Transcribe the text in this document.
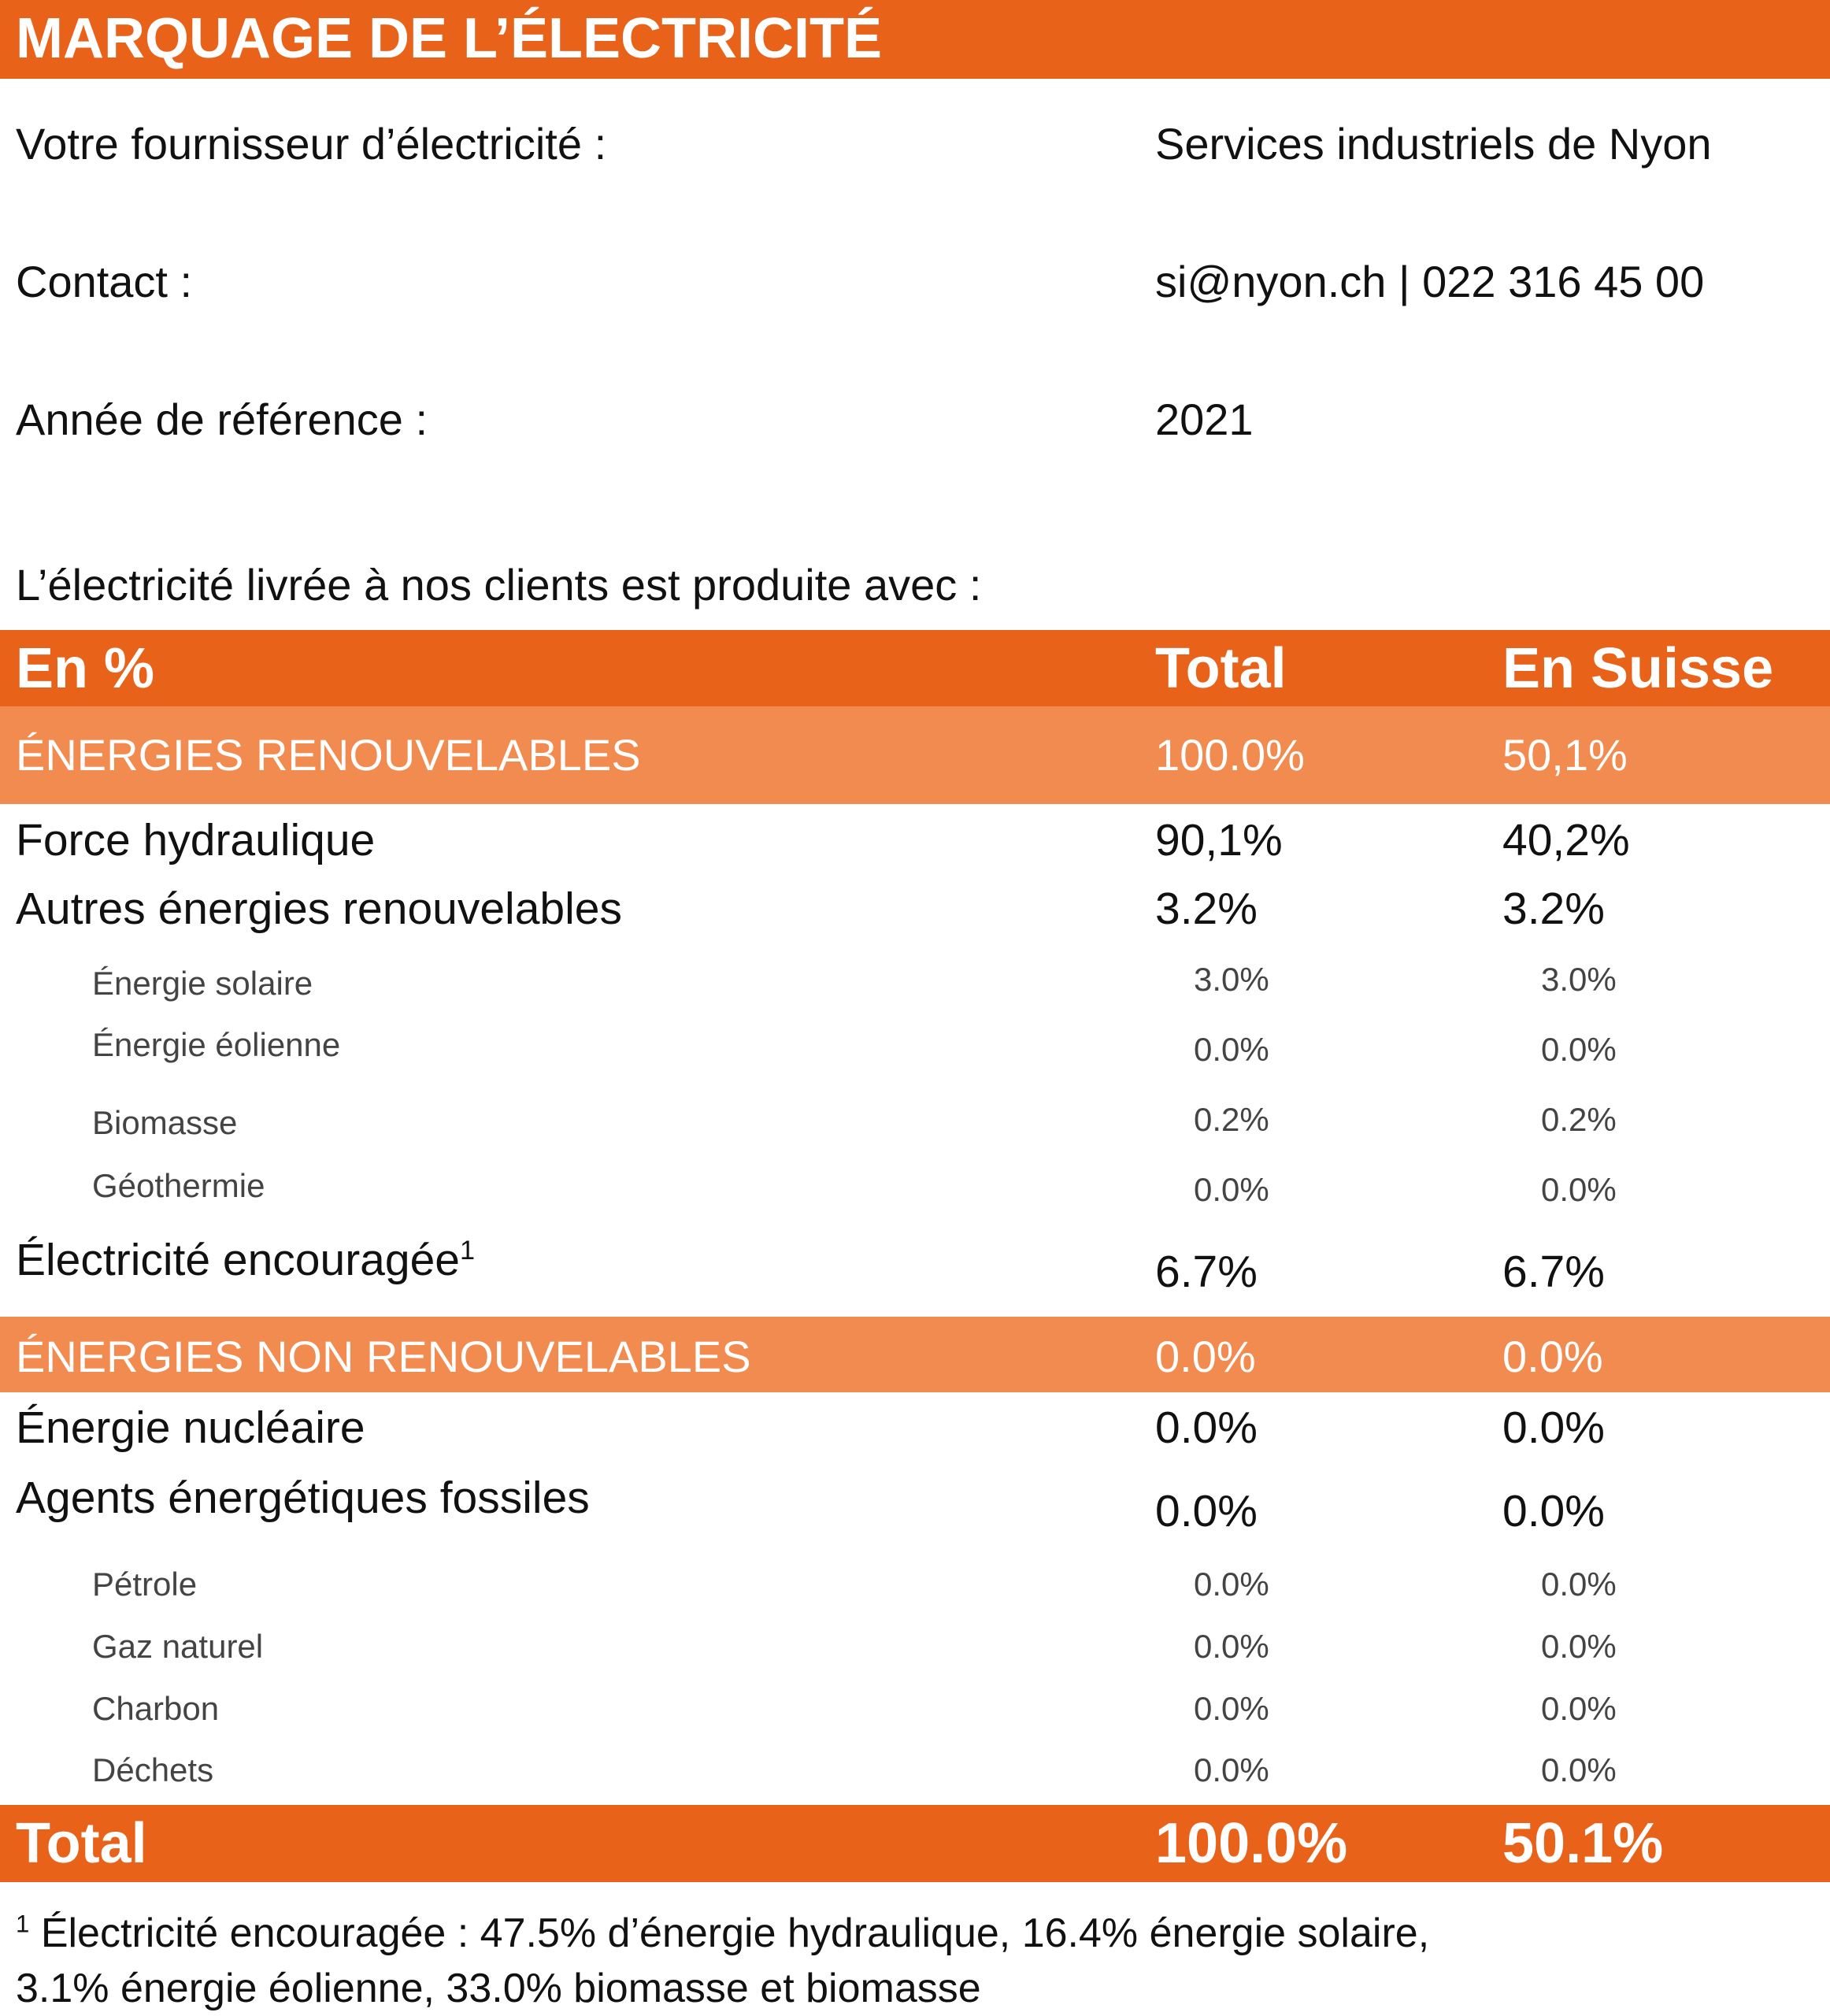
MARQUAGE DE L’ÉLECTRICITÉ
Votre fournisseur d’électricité :	Services industriels de Nyon
Contact :	si@nyon.ch | 022 316 45 00
Année de référence :	2021
L’électricité livrée à nos clients est produite avec :
En %	Total	En Suisse
ÉNERGIES RENOUVELABLES	100.0%	50,1%
Force hydraulique	90,1%	40,2%
Autres énergies renouvelables	3.2%	3.2%
Énergie solaire	3.0%	3.0%
Énergie éolienne	0.0%	0.0%
Biomasse	0.2%	0.2%
Géothermie	0.0%	0.0%
Électricité encouragée$^1$	6.7%	6.7%
ÉNERGIES NON RENOUVELABLES	0.0%	0.0%
Énergie nucléaire	0.0%	0.0%
Agents énergétiques fossiles	0.0%	0.0%
Pétrole	0.0%	0.0%
Gaz naturel	0.0%	0.0%
Charbon	0.0%	0.0%
Déchets	0.0%	0.0%
Total	100.0%	50.1%
$^1$ Électricité encouragée : 47.5% d’énergie hydraulique, 16.4% énergie solaire,
3.1% énergie éolienne, 33.0% biomasse et biomasse
